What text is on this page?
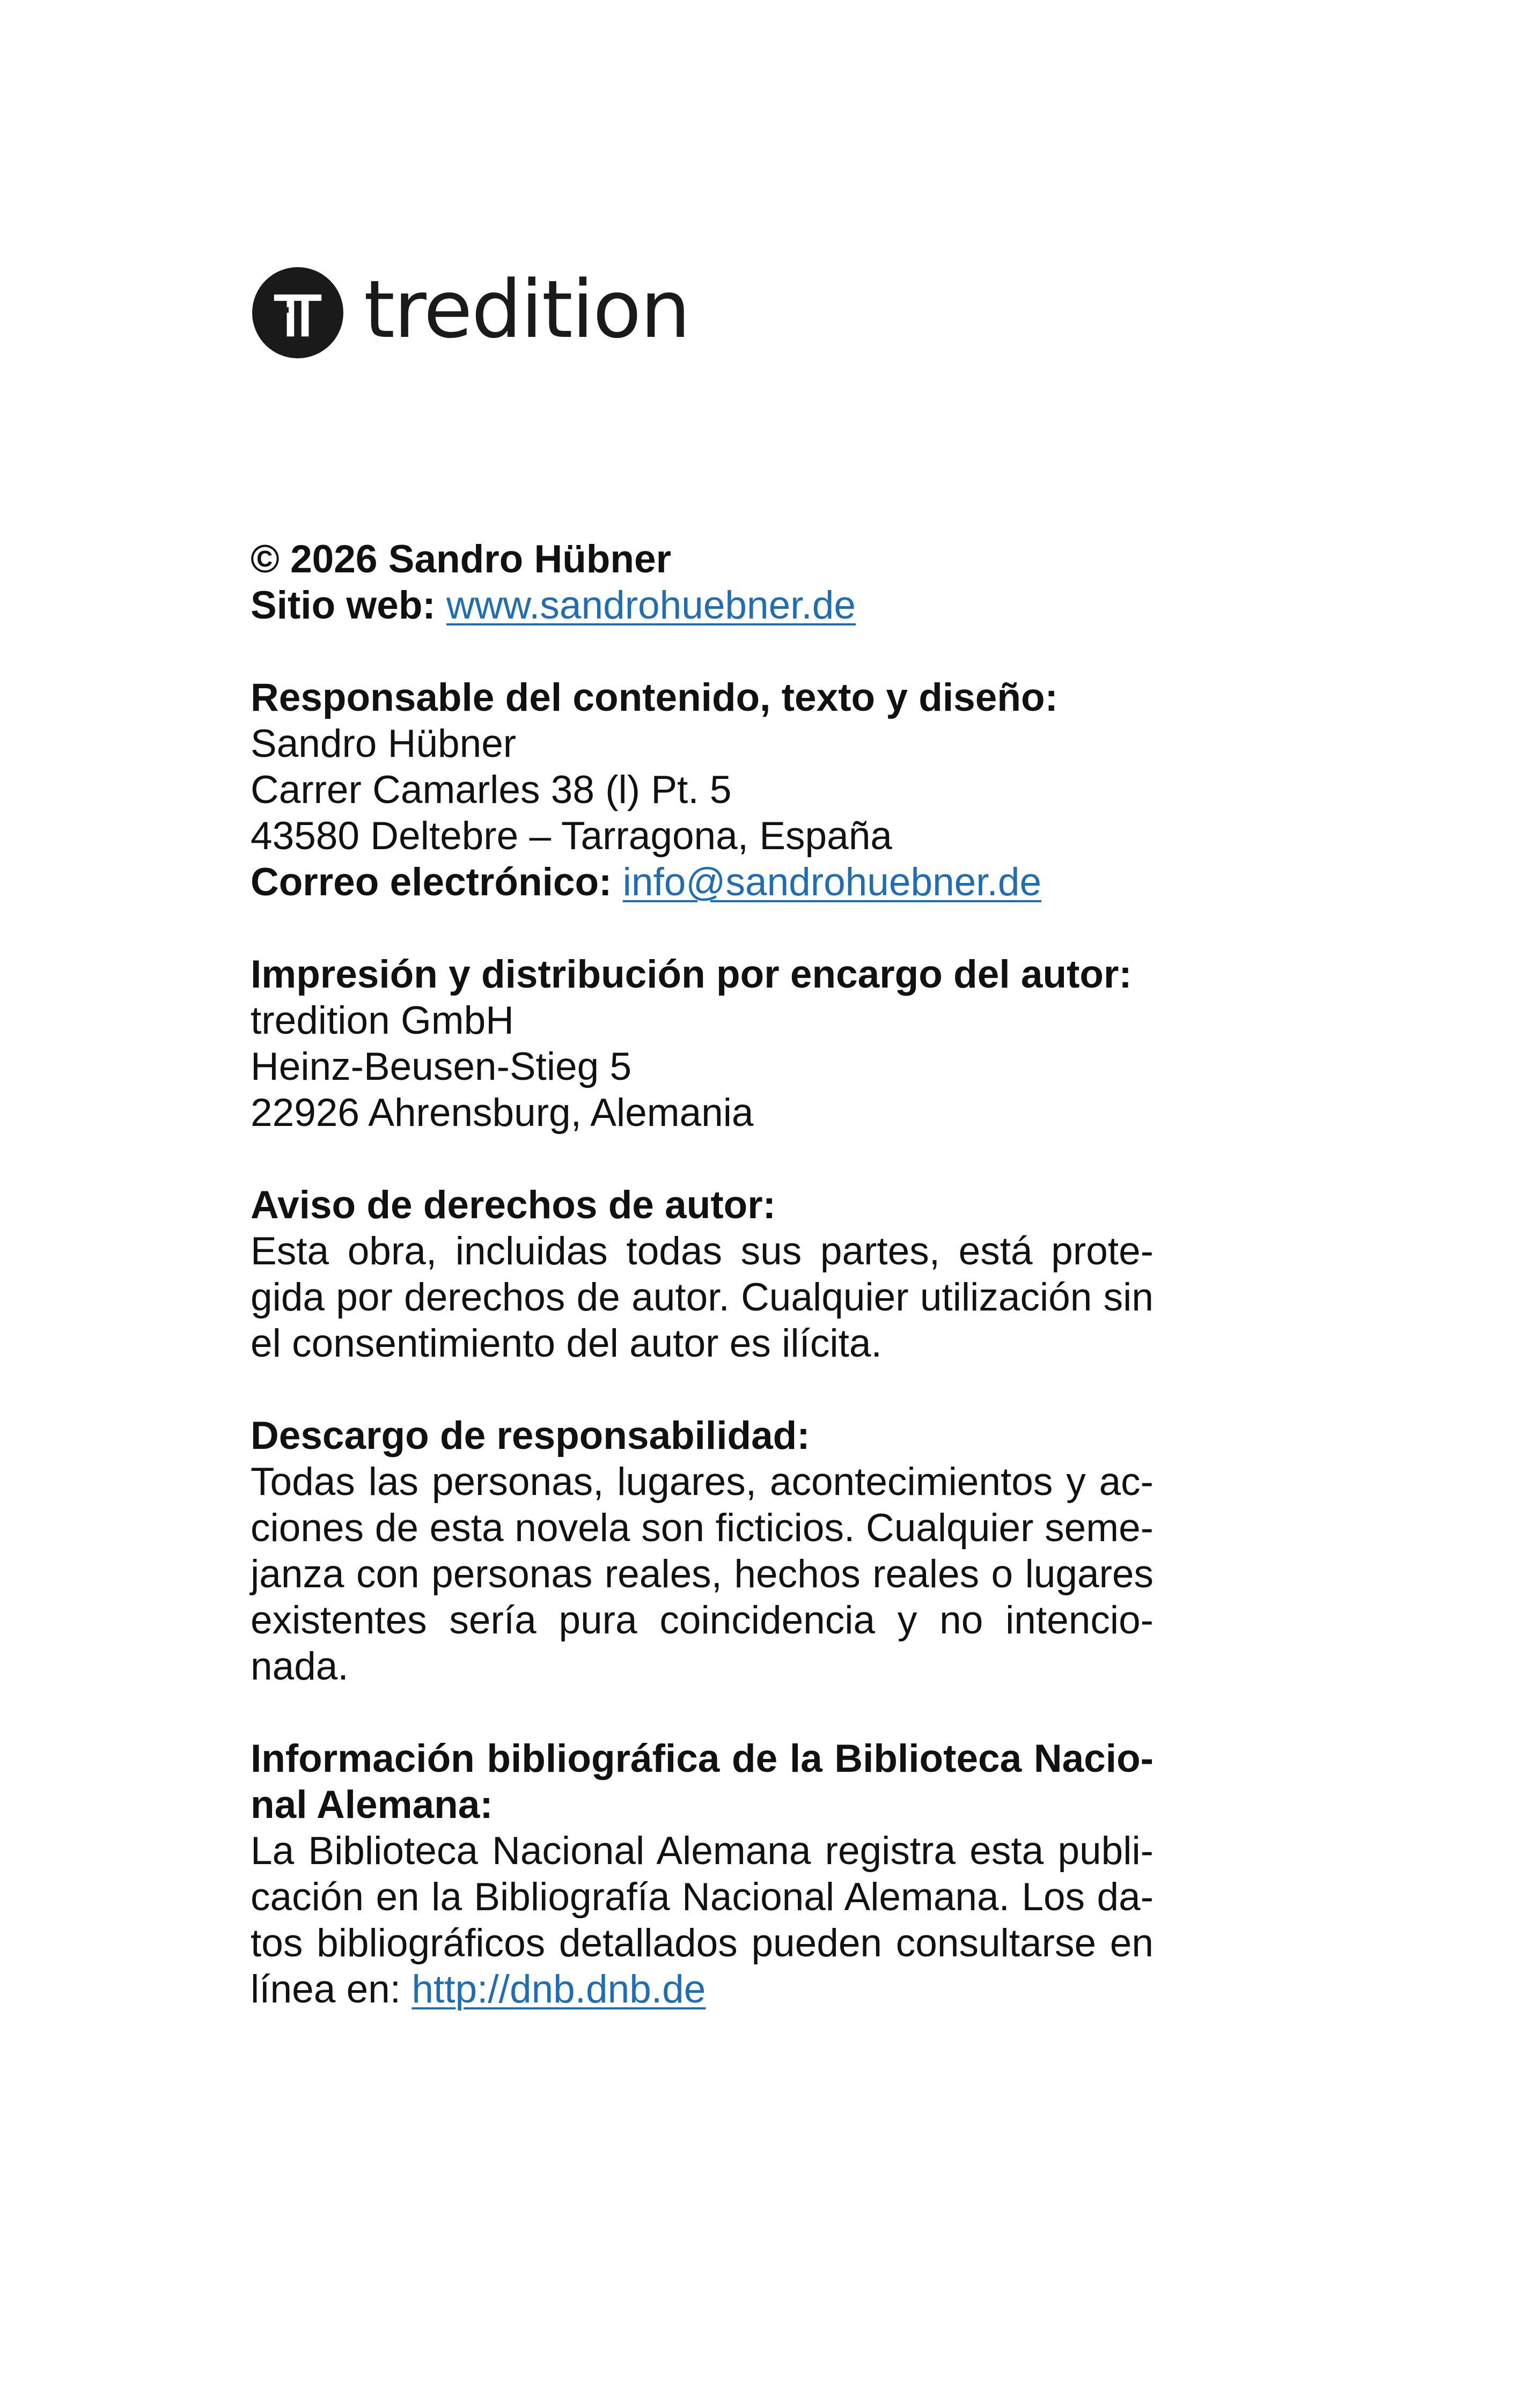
tredition
© 2026 Sandro Hübner
Sitio web: www.sandrohuebner.de
Responsable del contenido, texto y diseño:
Sandro Hübner
Carrer Camarles 38 (l) Pt. 5
43580 Deltebre – Tarragona, España
Correo electrónico: info@sandrohuebner.de
Impresión y distribución por encargo del autor:
tredition GmbH
Heinz-Beusen-Stieg 5
22926 Ahrensburg, Alemania
Aviso de derechos de autor:
Esta obra, incluidas todas sus partes, está prote-
gida por derechos de autor. Cualquier utilización sin
el consentimiento del autor es ilícita.
Descargo de responsabilidad:
Todas las personas, lugares, acontecimientos y ac-
ciones de esta novela son ficticios. Cualquier seme-
janza con personas reales, hechos reales o lugares
existentes sería pura coincidencia y no intencio-
nada.
Información bibliográfica de la Biblioteca Nacio-
nal Alemana:
La Biblioteca Nacional Alemana registra esta publi-
cación en la Bibliografía Nacional Alemana. Los da-
tos bibliográficos detallados pueden consultarse en
línea en: http://dnb.dnb.de
